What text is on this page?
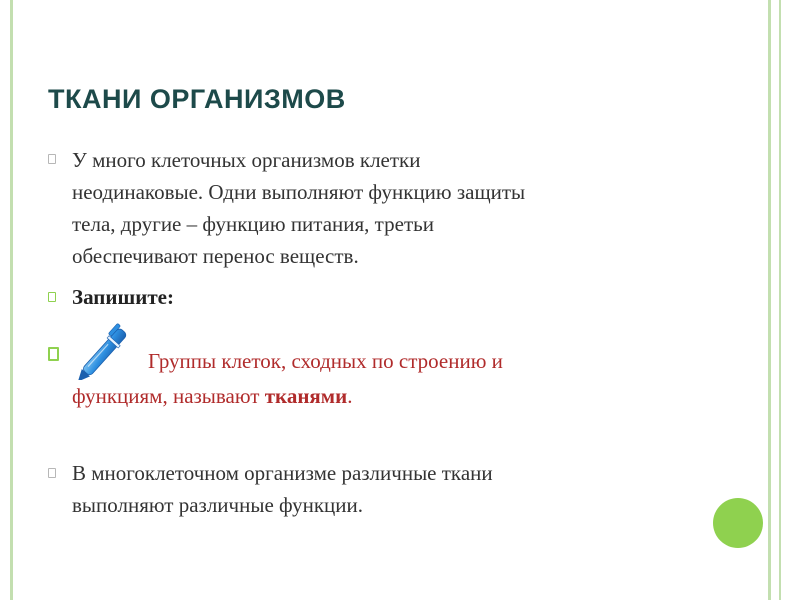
ТКАНИ ОРГАНИЗМОВ

У много клеточных организмов клетки

неодинаковые. Одни выполняют функцию защиты

тела, другие – функцию питания, третьи

обеспечивают перенос веществ.

Запишите:

Группы клеток, сходных по строению и

функциям, называют тканями.

В многоклеточном организме различные ткани

выполняют различные функции.
